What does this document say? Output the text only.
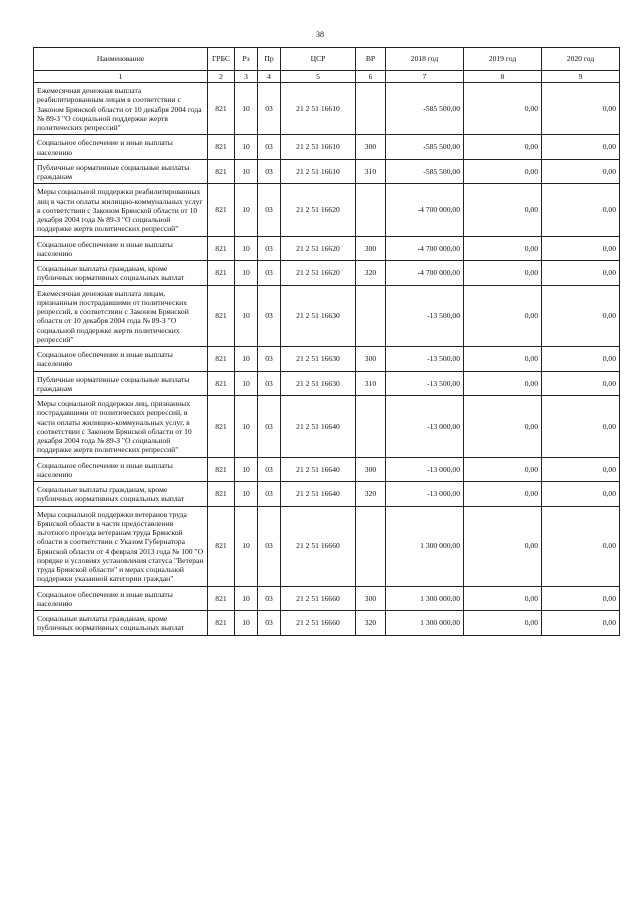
38
Наименование	ГРБС	Рз	Пр	ЦСР	ВР	2018 год	2019 год	2020 год
1	2	3	4	5	6	7	8	9
Ежемесячная денежная выплата реабилитированным лицам в соответствии с Законом Брянской области от 10 декабря 2004 года № 89-З "О социальной поддержке жертв политических репрессий"	821	10	03	21 2 51 16610		-585 500,00	0,00	0,00
Социальное обеспечение и иные выплаты населению	821	10	03	21 2 51 16610	300	-585 500,00	0,00	0,00
Публичные нормативные социальные выплаты гражданам	821	10	03	21 2 51 16610	310	-585 500,00	0,00	0,00
Меры социальной поддержки реабилитированных лиц в части оплаты жилищно-коммунальных услуг в соответствии с Законом Брянской области от 10 декабря 2004 года № 89-З "О социальной поддержке жертв политических репрессий"	821	10	03	21 2 51 16620		-4 700 000,00	0,00	0,00
Социальное обеспечение и иные выплаты населению	821	10	03	21 2 51 16620	300	-4 700 000,00	0,00	0,00
Социальные выплаты гражданам, кроме публичных нормативных социальных выплат	821	10	03	21 2 51 16620	320	-4 700 000,00	0,00	0,00
Ежемесячная денежная выплата лицам, признанным пострадавшими от политических репрессий, в соответствии с Законом Брянской области от 10 декабря 2004 года № 89-З "О социальной поддержке жертв политических репрессий"	821	10	03	21 2 51 16630		-13 500,00	0,00	0,00
Социальное обеспечение и иные выплаты населению	821	10	03	21 2 51 16630	300	-13 500,00	0,00	0,00
Публичные нормативные социальные выплаты гражданам	821	10	03	21 2 51 16630	310	-13 500,00	0,00	0,00
Меры социальной поддержки лиц, признанных пострадавшими от политических репрессий, в части оплаты жилищно-коммунальных услуг, в соответствии с Законом Брянской области от 10 декабря 2004 года № 89-З "О социальной поддержке жертв политических репрессий"	821	10	03	21 2 51 16640		-13 000,00	0,00	0,00
Социальное обеспечение и иные выплаты населению	821	10	03	21 2 51 16640	300	-13 000,00	0,00	0,00
Социальные выплаты гражданам, кроме публичных нормативных социальных выплат	821	10	03	21 2 51 16640	320	-13 000,00	0,00	0,00
Меры социальной поддержки ветеранов труда Брянской области в части предоставления льготного проезда ветеранам труда Брянской области в соответствии с Указом Губернатора Брянской области от 4 февраля 2013 года № 100 "О порядке и условиях установления статуса "Ветеран труда Брянской области" и мерах социальной поддержки указанной категории граждан"	821	10	03	21 2 51 16660		1 300 000,00	0,00	0,00
Социальное обеспечение и иные выплаты населению	821	10	03	21 2 51 16660	300	1 300 000,00	0,00	0,00
Социальные выплаты гражданам, кроме публичных нормативных социальных выплат	821	10	03	21 2 51 16660	320	1 300 000,00	0,00	0,00
